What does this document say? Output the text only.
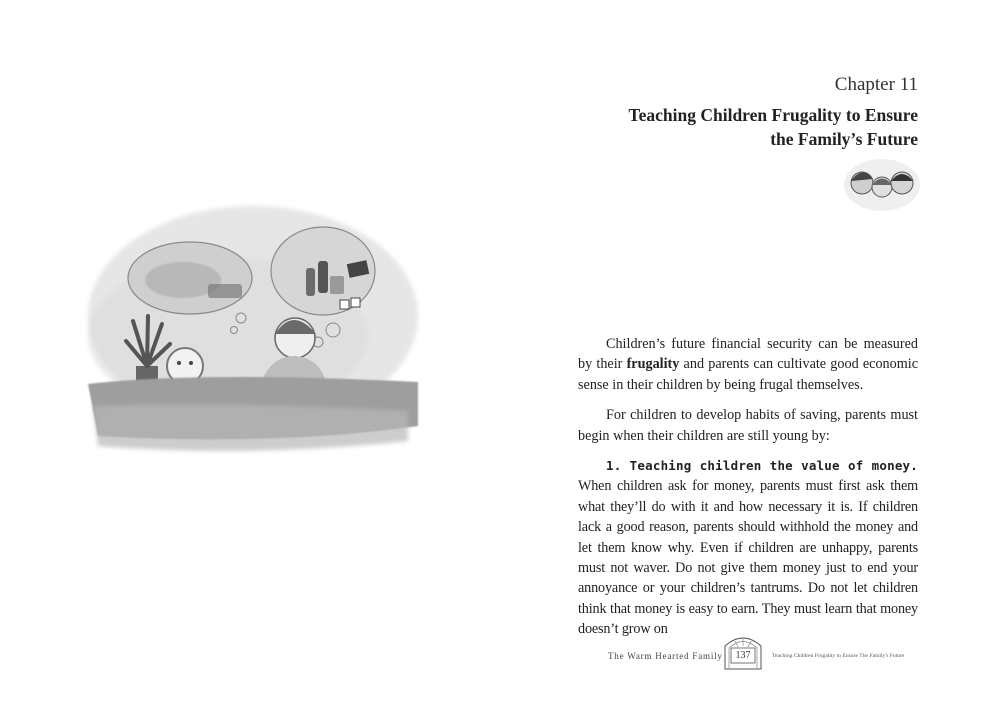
Chapter 11
Teaching Children Frugality to Ensure
the Family’s Future

Children’s future financial security can be measured by their frugality and parents can cultivate good economic sense in their children by being frugal themselves.

For children to develop habits of saving, parents must begin when their children are still young by:

1. Teaching children the value of money. When children ask for money, parents must first ask them what they’ll do with it and how necessary it is. If children lack a good reason, parents should withhold the money and let them know why. Even if children are unhappy, parents must not waver. Do not give them money just to end your annoyance or your children’s tantrums. Do not let children think that money is easy to earn. They must learn that money doesn’t grow on

The Warm Hearted Family	137	Teaching Children Frugality to Ensure The Family's Future
